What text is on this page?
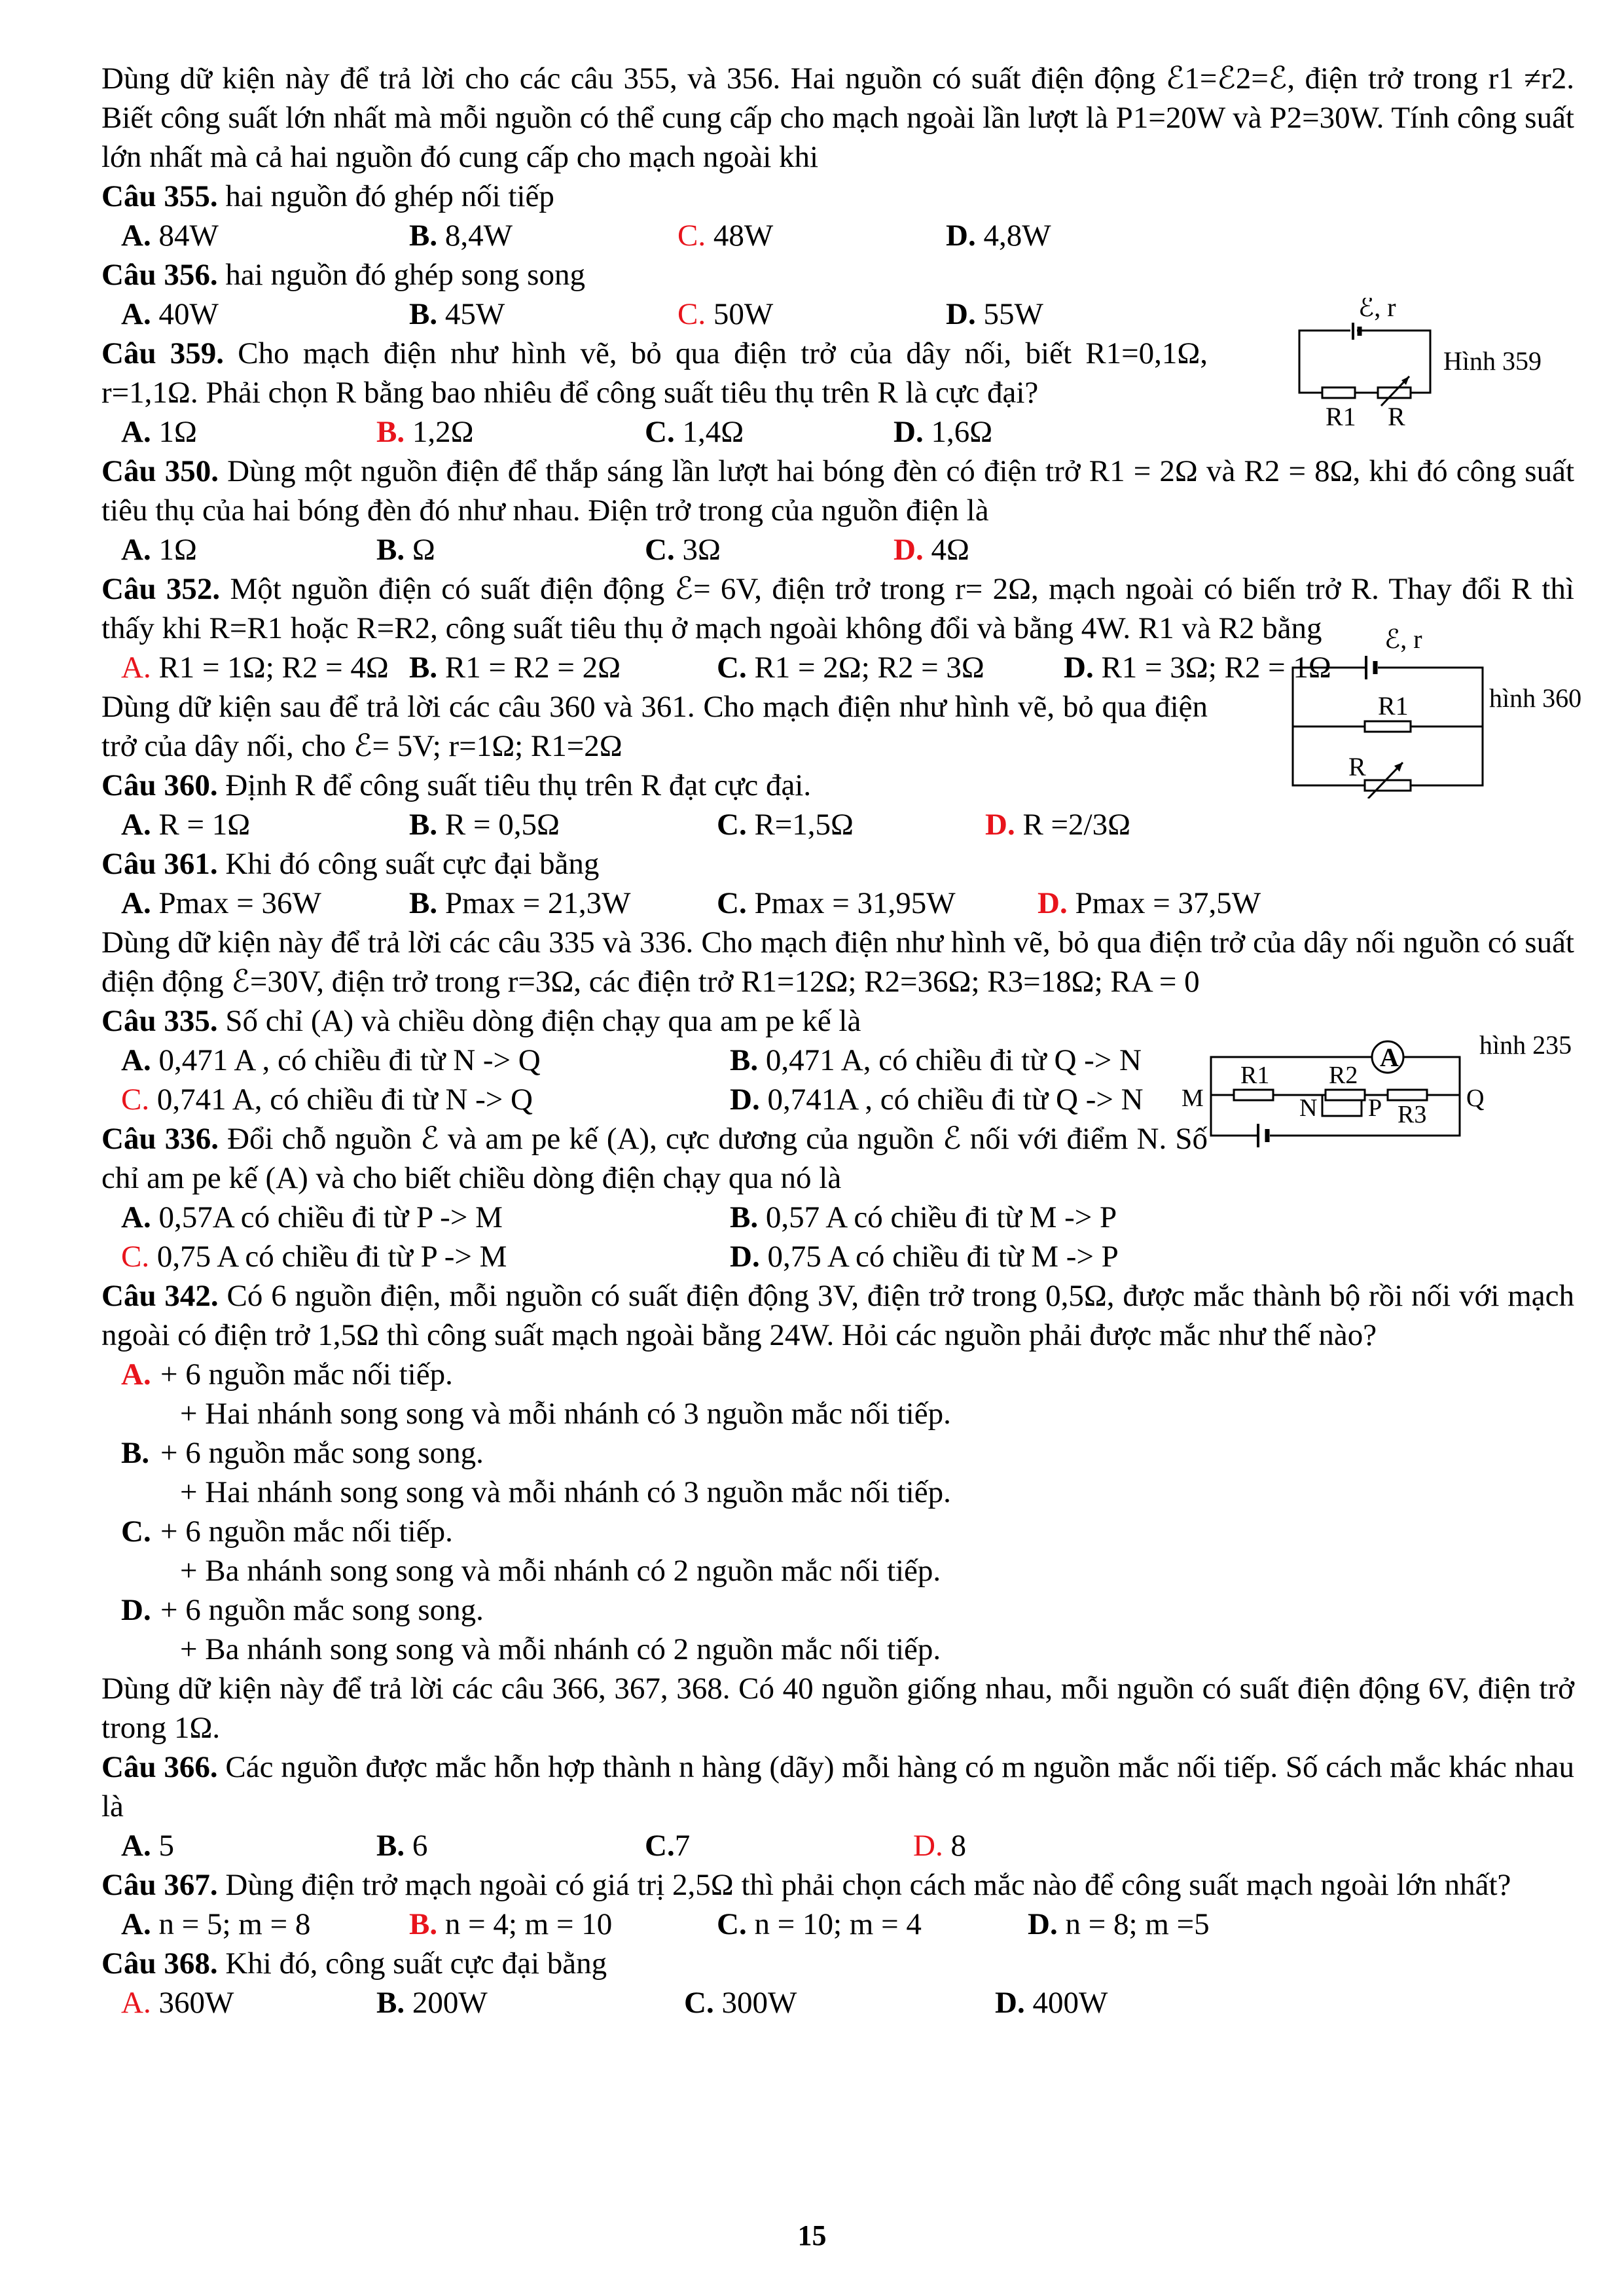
Dùng dữ kiện này để trả lời cho các câu 355, và 356. Hai nguồn có suất điện động ℰ1=ℰ2=ℰ, điện trở trong r1 ≠r2. Biết công suất lớn nhất mà mỗi nguồn có thể cung cấp cho mạch ngoài lần lượt là P1=20W và P2=30W. Tính công suất lớn nhất mà cả hai nguồn đó cung cấp cho mạch ngoài khi

Câu 355. hai nguồn đó ghép nối tiếp

A. 84W	B. 8,4W	C. 48W	D. 4,8W

Câu 356. hai nguồn đó ghép song song

A. 40W	B. 45W	C. 50W	D. 55W

Câu 359. Cho mạch điện như hình vẽ, bỏ qua điện trở của dây nối, biết R1=0,1Ω, r=1,1Ω. Phải chọn R bằng bao nhiêu để công suất tiêu thụ trên R là cực đại?

A. 1Ω	B. 1,2Ω	C. 1,4Ω	D. 1,6Ω

Câu 350. Dùng một nguồn điện để thắp sáng lần lượt hai bóng đèn có điện trở R1 = 2Ω và R2 = 8Ω, khi đó công suất tiêu thụ của hai bóng đèn đó như nhau. Điện trở trong của nguồn điện là

A. 1Ω	B. Ω	C. 3Ω	D. 4Ω

Câu 352. Một nguồn điện có suất điện động ℰ= 6V, điện trở trong r= 2Ω, mạch ngoài có biến trở R. Thay đổi R thì thấy khi R=R1 hoặc R=R2, công suất tiêu thụ ở mạch ngoài không đổi và bằng 4W. R1 và R2 bằng

A. R1 = 1Ω; R2 = 4Ω B. R1 = R2 = 2Ω	C. R1 = 2Ω; R2 = 3Ω	D. R1 = 3Ω; R2 = 1Ω

Dùng dữ kiện sau để trả lời các câu 360 và 361. Cho mạch điện như hình vẽ, bỏ qua điện trở của dây nối, cho ℰ= 5V; r=1Ω; R1=2Ω

Câu 360. Định R để công suất tiêu thụ trên R đạt cực đại.

A. R = 1Ω	B. R = 0,5Ω	C. R=1,5Ω	D. R =2/3Ω

Câu 361. Khi đó công suất cực đại bằng

A. Pmax = 36W	B. Pmax = 21,3W	C. Pmax = 31,95W	D. Pmax = 37,5W

Dùng dữ kiện này để trả lời các câu 335 và 336. Cho mạch điện như hình vẽ, bỏ qua điện trở của dây nối nguồn có suất điện động ℰ=30V, điện trở trong r=3Ω, các điện trở R1=12Ω; R2=36Ω; R3=18Ω; RA = 0

Câu 335. Số chỉ (A) và chiều dòng điện chạy qua am pe kế là

A. 0,471 A , có chiều đi từ N -> Q	B. 0,471 A, có chiều đi từ Q -> N
C. 0,741 A, có chiều đi từ N -> Q	D. 0,741A , có chiều đi từ Q -> N

Câu 336. Đổi chỗ nguồn ℰ và am pe kế (A), cực dương của nguồn ℰ nối với điểm N. Số chỉ am pe kế (A) và cho biết chiều dòng điện chạy qua nó là

A. 0,57A có chiều đi từ P -> M	B. 0,57 A có chiều đi từ M -> P
C. 0,75 A có chiều đi từ P -> M	D. 0,75 A có chiều đi từ M -> P

Câu 342. Có 6 nguồn điện, mỗi nguồn có suất điện động 3V, điện trở trong 0,5Ω, được mắc thành bộ rồi nối với mạch ngoài có điện trở 1,5Ω thì công suất mạch ngoài bằng 24W. Hỏi các nguồn phải được mắc như thế nào?

A. + 6 nguồn mắc nối tiếp.
+ Hai nhánh song song và mỗi nhánh có 3 nguồn mắc nối tiếp.
B. + 6 nguồn mắc song song.
+ Hai nhánh song song và mỗi nhánh có 3 nguồn mắc nối tiếp.
C. + 6 nguồn mắc nối tiếp.
+ Ba nhánh song song và mỗi nhánh có 2 nguồn mắc nối tiếp.
D. + 6 nguồn mắc song song.
+ Ba nhánh song song và mỗi nhánh có 2 nguồn mắc nối tiếp.

Dùng dữ kiện này để trả lời các câu 366, 367, 368. Có 40 nguồn giống nhau, mỗi nguồn có suất điện động 6V, điện trở trong 1Ω.

Câu 366. Các nguồn được mắc hỗn hợp thành n hàng (dãy) mỗi hàng có m nguồn mắc nối tiếp. Số cách mắc khác nhau là

A. 5	B. 6	C.7	D. 8

Câu 367. Dùng điện trở mạch ngoài có giá trị 2,5Ω thì phải chọn cách mắc nào để công suất mạch ngoài lớn nhất?

A. n = 5; m = 8	B. n = 4; m = 10	C. n = 10; m = 4	D. n = 8; m =5

Câu 368. Khi đó, công suất cực đại bằng

A. 360W	B. 200W	C. 300W	D. 400W
ℰ, r
R1 R
Hình 359
ℰ, r
R1
R
hình 360
A
M
R1 R2
N P R3
Q
hình 235
15
